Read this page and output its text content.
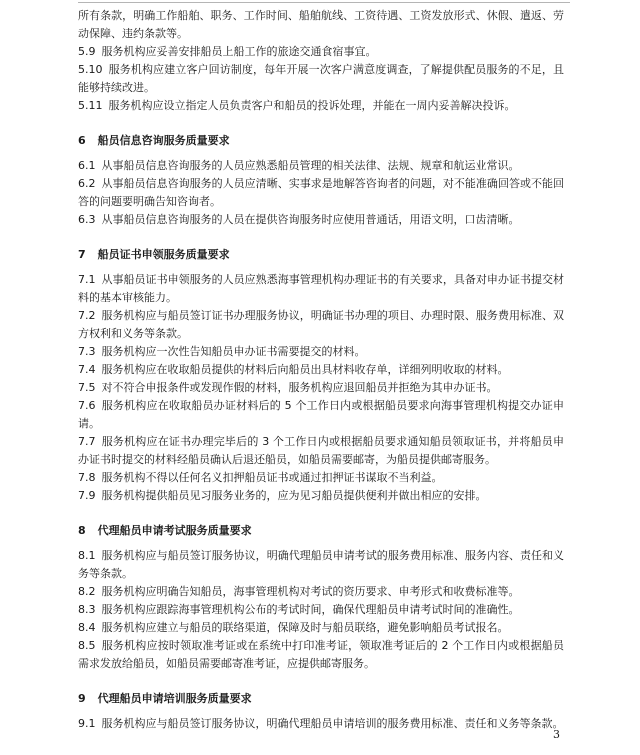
所有条款，明确工作船舶、职务、工作时间、船舶航线、工资待遇、工资发放形式、休假、遣返、劳动保障、违约条款等。

5.9 服务机构应妥善安排船员上船工作的旅途交通食宿事宜。

5.10 服务机构应建立客户回访制度，每年开展一次客户满意度调查，了解提供配员服务的不足，且能够持续改进。

5.11 服务机构应设立指定人员负责客户和船员的投诉处理，并能在一周内妥善解决投诉。

6 船员信息咨询服务质量要求

6.1 从事船员信息咨询服务的人员应熟悉船员管理的相关法律、法规、规章和航运业常识。

6.2 从事船员信息咨询服务的人员应清晰、实事求是地解答咨询者的问题，对不能准确回答或不能回答的问题要明确告知咨询者。

6.3 从事船员信息咨询服务的人员在提供咨询服务时应使用普通话，用语文明，口齿清晰。

7 船员证书申领服务质量要求

7.1 从事船员证书申领服务的人员应熟悉海事管理机构办理证书的有关要求，具备对申办证书提交材料的基本审核能力。

7.2 服务机构应与船员签订证书办理服务协议，明确证书办理的项目、办理时限、服务费用标准、双方权利和义务等条款。

7.3 服务机构应一次性告知船员申办证书需要提交的材料。

7.4 服务机构应在收取船员提供的材料后向船员出具材料收存单，详细列明收取的材料。

7.5 对不符合申报条件或发现作假的材料，服务机构应退回船员并拒绝为其申办证书。

7.6 服务机构应在收取船员办证材料后的 5 个工作日内或根据船员要求向海事管理机构提交办证申请。

7.7 服务机构应在证书办理完毕后的 3 个工作日内或根据船员要求通知船员领取证书，并将船员申办证书时提交的材料经船员确认后退还船员，如船员需要邮寄，为船员提供邮寄服务。

7.8 服务机构不得以任何名义扣押船员证书或通过扣押证书谋取不当利益。

7.9 服务机构提供船员见习服务业务的，应为见习船员提供便利并做出相应的安排。

8 代理船员申请考试服务质量要求

8.1 服务机构应与船员签订服务协议，明确代理船员申请考试的服务费用标准、服务内容、责任和义务等条款。

8.2 服务机构应明确告知船员，海事管理机构对考试的资历要求、申考形式和收费标准等。

8.3 服务机构应跟踪海事管理机构公布的考试时间，确保代理船员申请考试时间的准确性。

8.4 服务机构应建立与船员的联络渠道，保障及时与船员联络，避免影响船员考试报名。

8.5 服务机构应按时领取准考证或在系统中打印准考证，领取准考证后的 2 个工作日内或根据船员需求发放给船员，如船员需要邮寄准考证，应提供邮寄服务。

9 代理船员申请培训服务质量要求

9.1 服务机构应与船员签订服务协议，明确代理船员申请培训的服务费用标准、责任和义务等条款。

3
